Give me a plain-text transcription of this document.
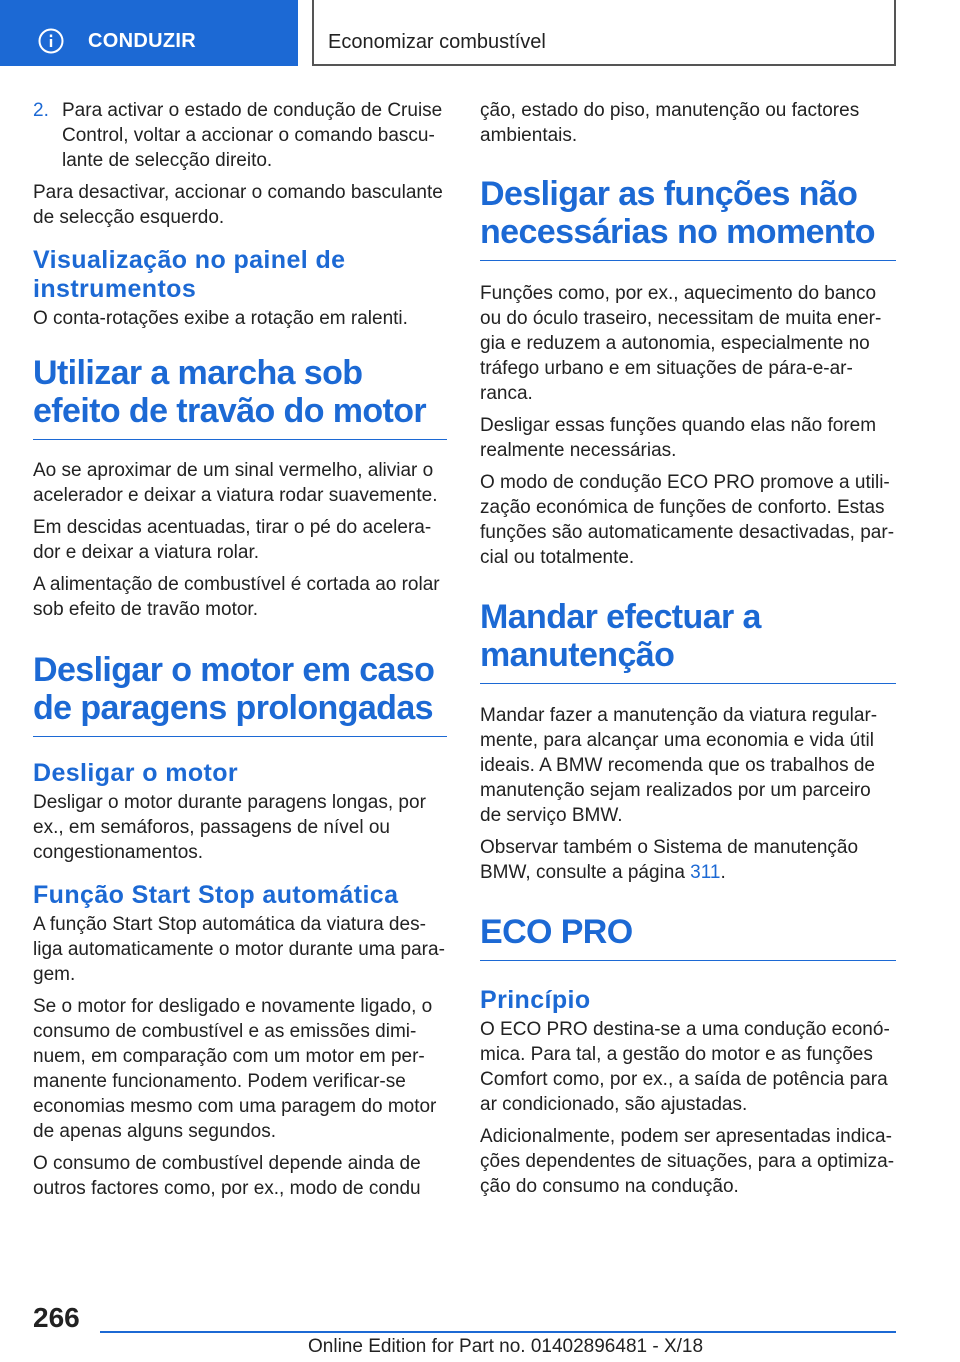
CONDUZIR	Economizar combustível
2. Para activar o estado de condução de Cruise Control, voltar a accionar o comando basculante de selecção direito.

Para desactivar, accionar o comando basculante de selecção esquerdo.

Visualização no painel de instrumentos

O conta-rotações exibe a rotação em ralenti.

Utilizar a marcha sob efeito de travão do motor

Ao se aproximar de um sinal vermelho, aliviar o acelerador e deixar a viatura rodar suavemente.

Em descidas acentuadas, tirar o pé do acelerador e deixar a viatura rolar.

A alimentação de combustível é cortada ao rolar sob efeito de travão motor.

Desligar o motor em caso de paragens prolongadas
Desligar o motor

Desligar o motor durante paragens longas, por ex., em semáforos, passagens de nível ou congestionamentos.

Função Start Stop automática

A função Start Stop automática da viatura desliga automaticamente o motor durante uma paragem.

Se o motor for desligado e novamente ligado, o consumo de combustível e as emissões diminuem, em comparação com um motor em permanente funcionamento. Podem verificar-se economias mesmo com uma paragem do motor de apenas alguns segundos.

O consumo de combustível depende ainda de outros factores como, por ex., modo de condu

ção, estado do piso, manutenção ou factores ambientais.

Desligar as funções não necessárias no momento

Funções como, por ex., aquecimento do banco ou do óculo traseiro, necessitam de muita energia e reduzem a autonomia, especialmente no tráfego urbano e em situações de pára-e-arranca.

Desligar essas funções quando elas não forem realmente necessárias.

O modo de condução ECO PRO promove a utilização económica de funções de conforto. Estas funções são automaticamente desactivadas, parcial ou totalmente.

Mandar efectuar a manutenção

Mandar fazer a manutenção da viatura regularmente, para alcançar uma economia e vida útil ideais. A BMW recomenda que os trabalhos de manutenção sejam realizados por um parceiro de serviço BMW.

Observar também o Sistema de manutenção BMW, consulte a página 311.

ECO PRO
Princípio

O ECO PRO destina-se a uma condução económica. Para tal, a gestão do motor e as funções Comfort como, por ex., a saída de potência para ar condicionado, são ajustadas.

Adicionalmente, podem ser apresentadas indicações dependentes de situações, para a optimização do consumo na condução.

266
Online Edition for Part no. 01402896481 - X/18
